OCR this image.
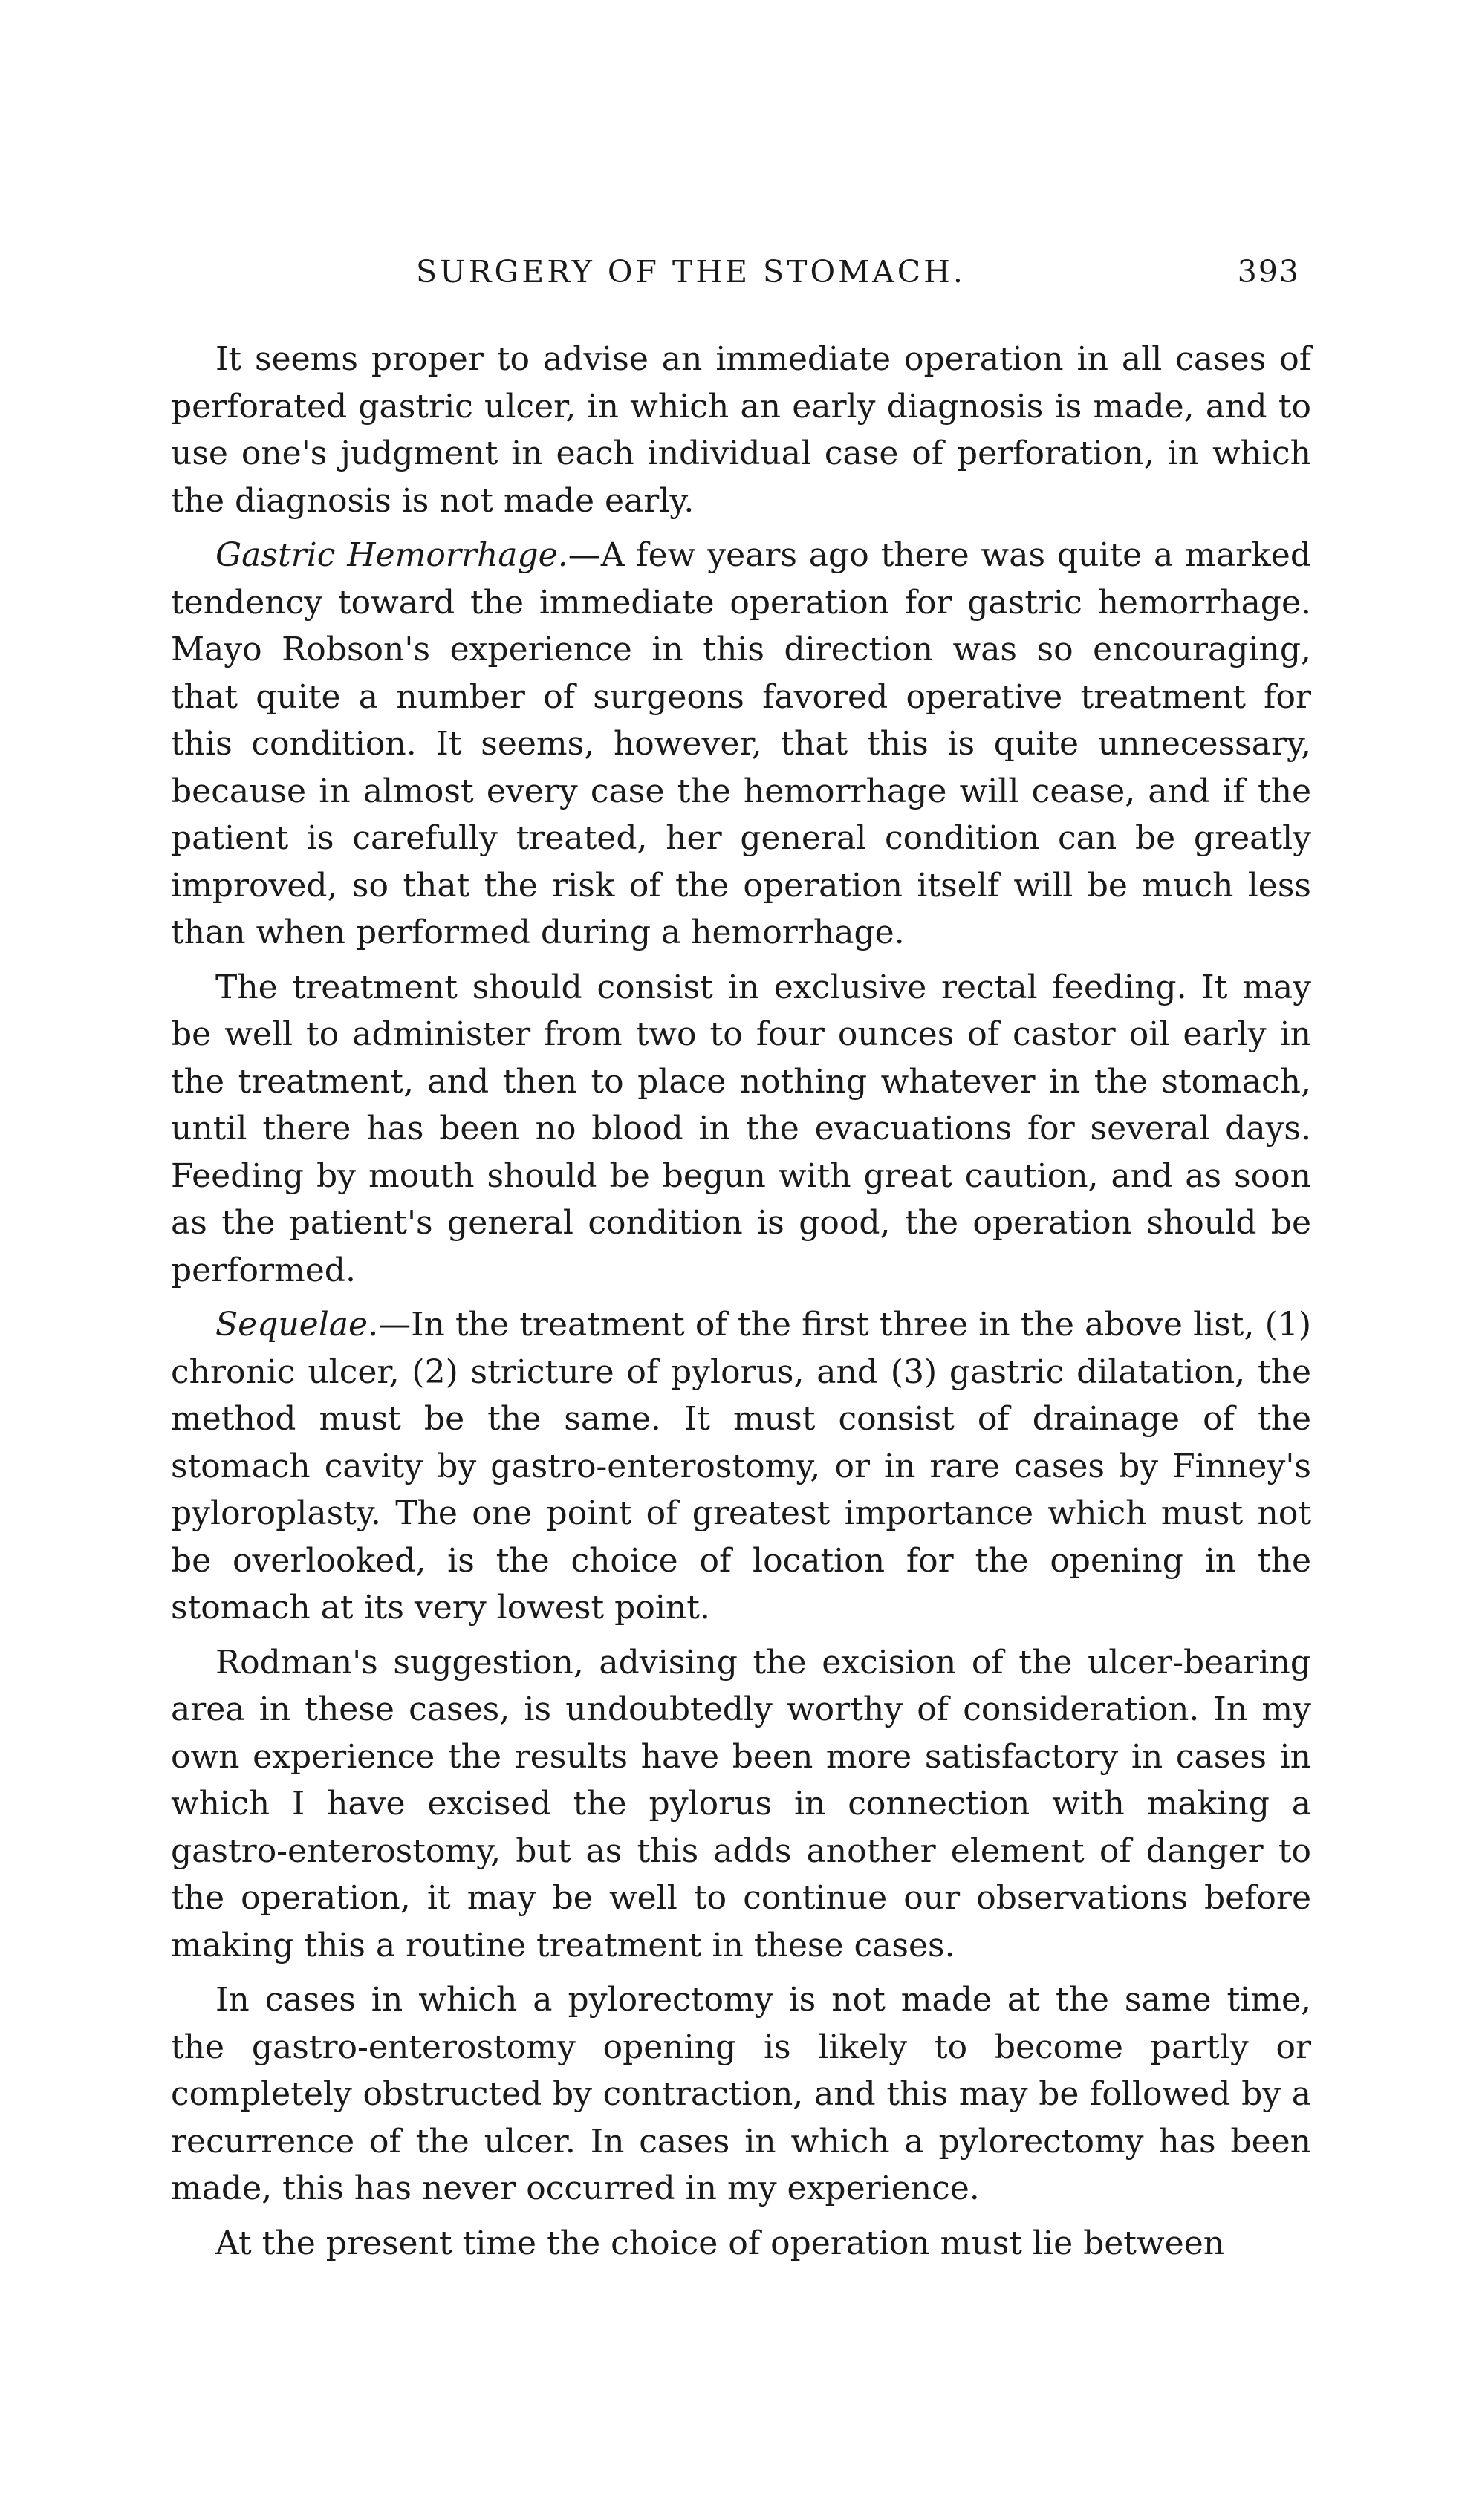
SURGERY OF THE STOMACH.	393

It seems proper to advise an immediate operation in all cases of perforated gastric ulcer, in which an early diagnosis is made, and to use one's judgment in each individual case of perforation, in which the diagnosis is not made early.

Gastric Hemorrhage.—A few years ago there was quite a marked tendency toward the immediate operation for gastric hemorrhage. Mayo Robson's experience in this direction was so encouraging, that quite a number of surgeons favored operative treatment for this condition. It seems, however, that this is quite unnecessary, because in almost every case the hemorrhage will cease, and if the patient is carefully treated, her general condition can be greatly improved, so that the risk of the operation itself will be much less than when performed during a hemorrhage.

The treatment should consist in exclusive rectal feeding. It may be well to administer from two to four ounces of castor oil early in the treatment, and then to place nothing whatever in the stomach, until there has been no blood in the evacuations for several days. Feeding by mouth should be begun with great caution, and as soon as the patient's general condition is good, the operation should be performed.

Sequelae.—In the treatment of the first three in the above list, (1) chronic ulcer, (2) stricture of pylorus, and (3) gastric dilatation, the method must be the same. It must consist of drainage of the stomach cavity by gastro-enterostomy, or in rare cases by Finney's pyloroplasty. The one point of greatest importance which must not be overlooked, is the choice of location for the opening in the stomach at its very lowest point.

Rodman's suggestion, advising the excision of the ulcer-bearing area in these cases, is undoubtedly worthy of consideration. In my own experience the results have been more satisfactory in cases in which I have excised the pylorus in connection with making a gastro-enterostomy, but as this adds another element of danger to the operation, it may be well to continue our observations before making this a routine treatment in these cases.

In cases in which a pylorectomy is not made at the same time, the gastro-enterostomy opening is likely to become partly or completely obstructed by contraction, and this may be followed by a recurrence of the ulcer. In cases in which a pylorectomy has been made, this has never occurred in my experience.

At the present time the choice of operation must lie between
